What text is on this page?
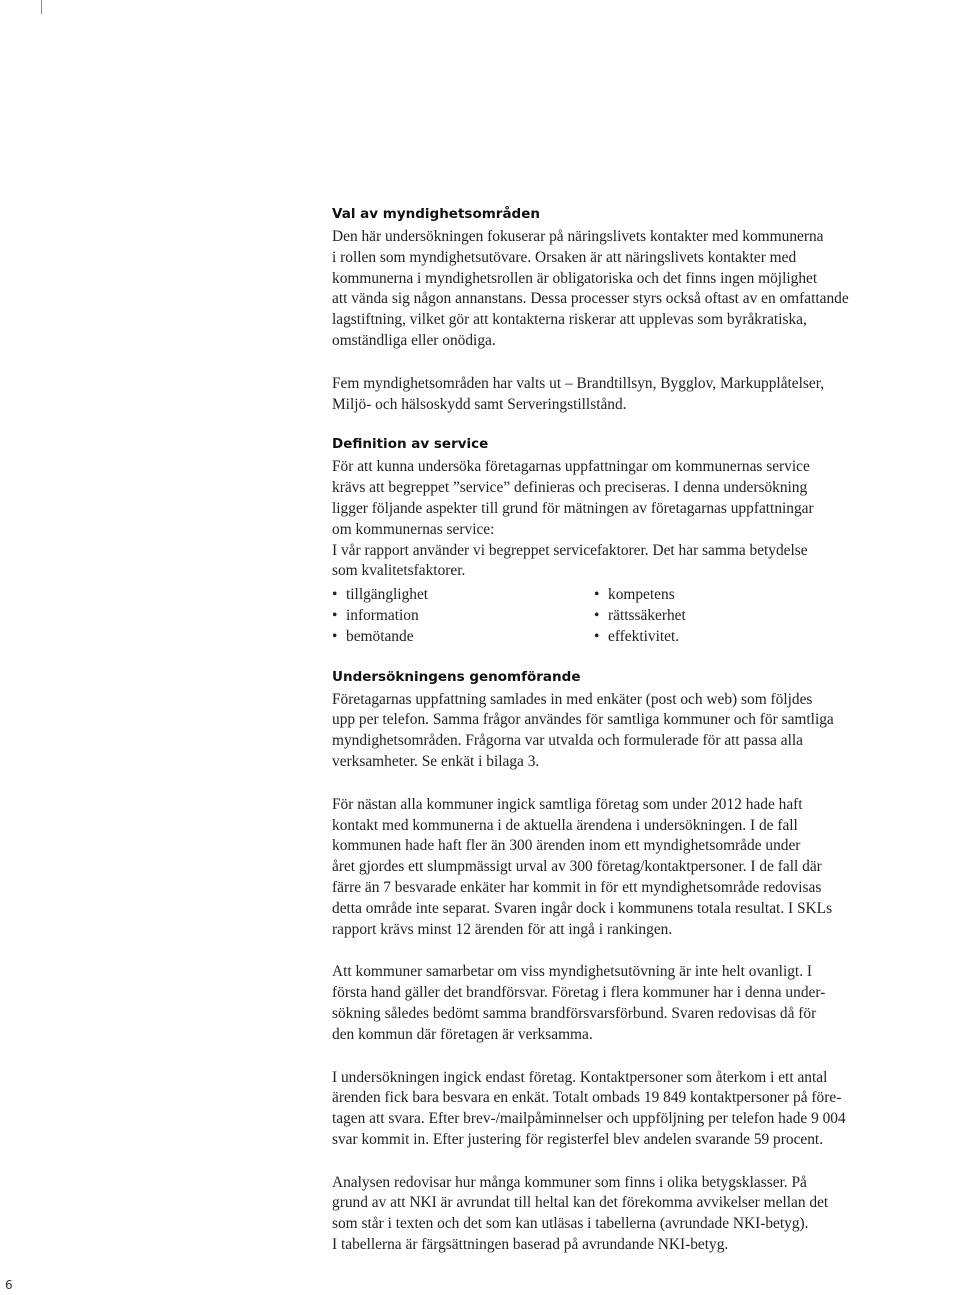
Val av myndighetsområden
Den här undersökningen fokuserar på näringslivets kontakter med kommunerna
i rollen som myndighetsutövare. Orsaken är att näringslivets kontakter med
kommunerna i myndighetsrollen är obligatoriska och det finns ingen möjlighet
att vända sig någon annanstans. Dessa processer styrs också oftast av en omfattande
lagstiftning, vilket gör att kontakterna riskerar att upplevas som byråkratiska,
omständliga eller onödiga.
Fem myndighetsområden har valts ut – Brandtillsyn, Bygglov, Markupplåtelser,
Miljö- och hälsoskydd samt Serveringstillstånd.
Definition av service
För att kunna undersöka företagarnas uppfattningar om kommunernas service
krävs att begreppet ”service” definieras och preciseras. I denna undersökning
ligger följande aspekter till grund för mätningen av företagarnas uppfattningar
om kommunernas service:
I vår rapport använder vi begreppet servicefaktorer. Det har samma betydelse
som kvalitetsfaktorer.
• tillgänglighet
• information
• bemötande
• kompetens
• rättssäkerhet
• effektivitet.
Undersökningens genomförande
Företagarnas uppfattning samlades in med enkäter (post och web) som följdes
upp per telefon. Samma frågor användes för samtliga kommuner och för samtliga
myndighetsområden. Frågorna var utvalda och formulerade för att passa alla
verksamheter. Se enkät i bilaga 3.
För nästan alla kommuner ingick samtliga företag som under 2012 hade haft
kontakt med kommunerna i de aktuella ärendena i undersökningen. I de fall
kommunen hade haft fler än 300 ärenden inom ett myndighetsområde under
året gjordes ett slumpmässigt urval av 300 företag/kontaktpersoner. I de fall där
färre än 7 besvarade enkäter har kommit in för ett myndighetsområde redovisas
detta område inte separat. Svaren ingår dock i kommunens totala resultat. I SKLs
rapport krävs minst 12 ärenden för att ingå i rankingen.
Att kommuner samarbetar om viss myndighetsutövning är inte helt ovanligt. I
första hand gäller det brandförsvar. Företag i flera kommuner har i denna under-
sökning således bedömt samma brandförsvarsförbund. Svaren redovisas då för
den kommun där företagen är verksamma.
I undersökningen ingick endast företag. Kontaktpersoner som återkom i ett antal
ärenden fick bara besvara en enkät. Totalt ombads 19 849 kontaktpersoner på före-
tagen att svara. Efter brev-/mailpåminnelser och uppföljning per telefon hade 9 004
svar kommit in. Efter justering för registerfel blev andelen svarande 59 procent.
Analysen redovisar hur många kommuner som finns i olika betygsklasser. På
grund av att NKI är avrundat till heltal kan det förekomma avvikelser mellan det
som står i texten och det som kan utläsas i tabellerna (avrundade NKI-betyg).
I tabellerna är färgsättningen baserad på avrundande NKI-betyg.
6
